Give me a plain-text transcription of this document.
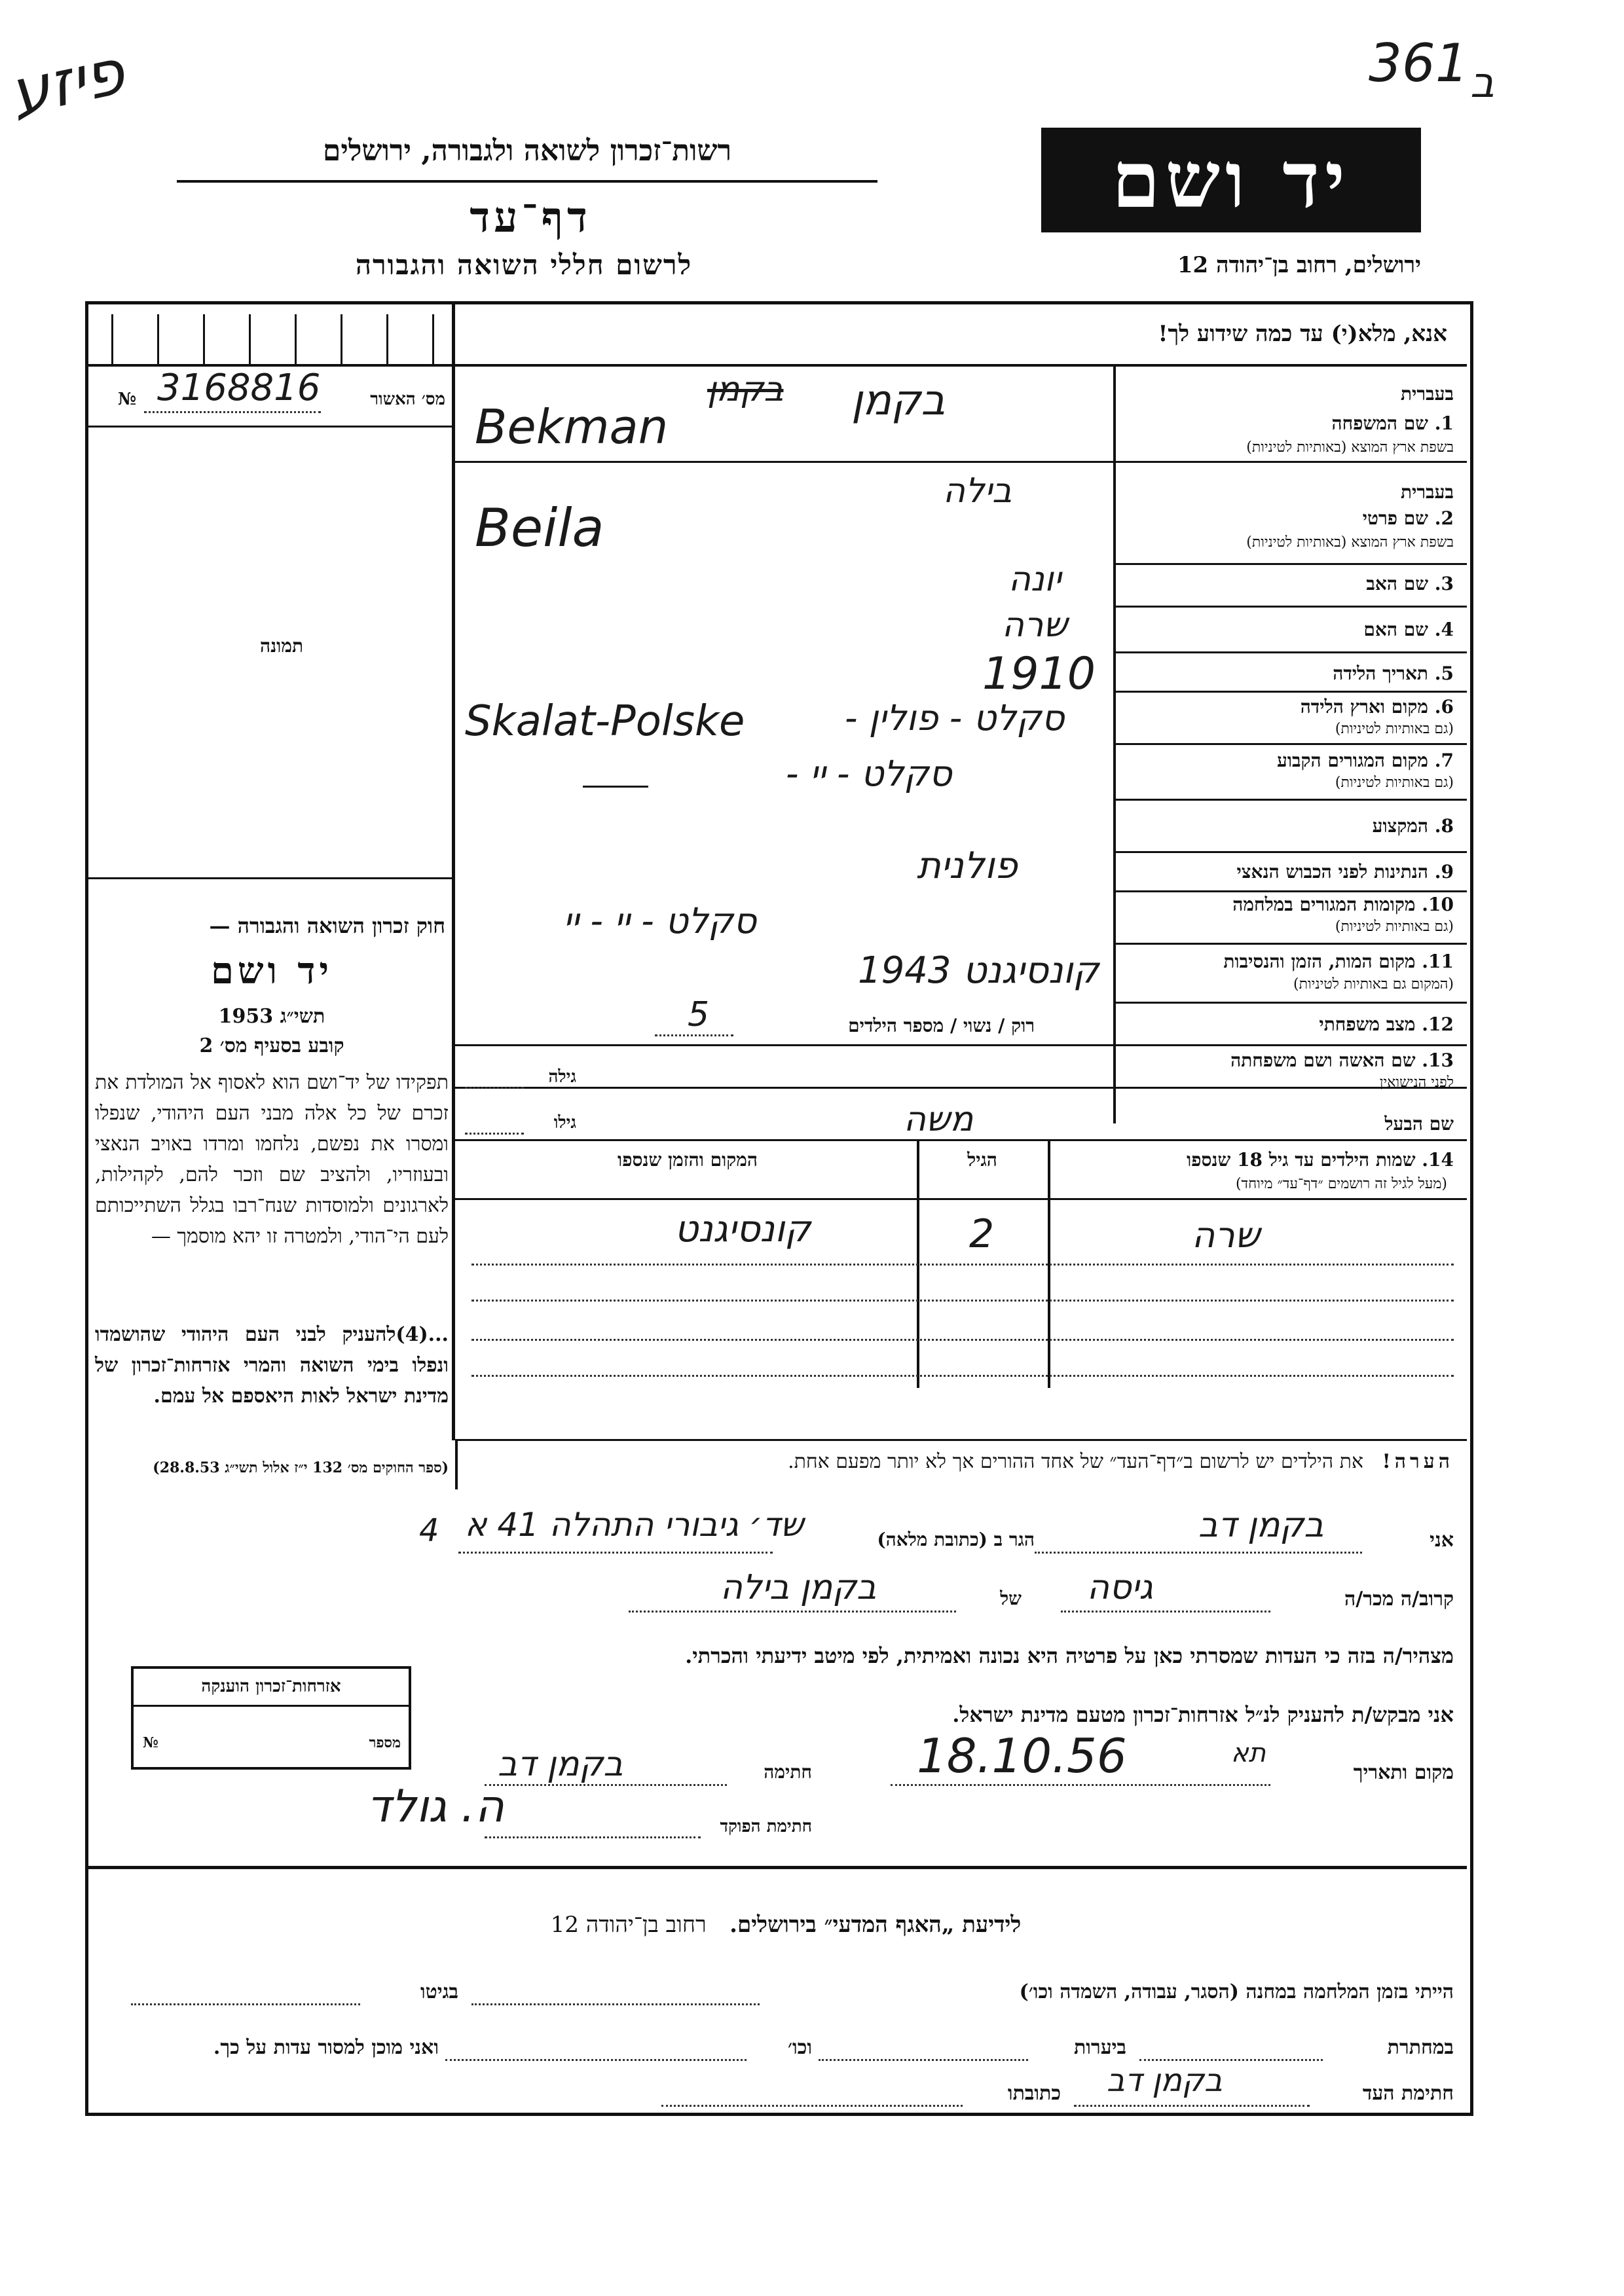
פיזע	361 ב
רשות־זכרון לשואה ולגבורה, ירושלים
דף־עד
לרשום חללי השואה והגבורה
יד ושם
ירושלים, רחוב בן־יהודה 12
אנא, מלא(י) עד כמה שידוע לך!
מס׳ האשור
№ 3168816
תמונה
חוק זכרון השואה והגבורה —
יד ושם
תשי״ג 1953
קובע בסעיף מס׳ 2
תפקידו של יד־ושם הוא לאסוף אל המולדת את זכרם של כל אלה מבני העם היהודי, שנפלו ומסרו את נפשם, נלחמו ומרדו באויב הנאצי ובעוזריו, ולהציב שם וזכר להם, לקהילות, לארגונים ולמוסדות שנח־רבו בגלל השתייכותם לעם הי־הודי, ולמטרה זו יהא מוסמך —
...(4)להעניק לבני העם היהודי שהושמדו ונפלו בימי השואה והמרי אזרחות־זכרון של מדינת ישראל לאות היאספם אל עמם.
(ספר החוקים מס׳ 132 י״ז אלול תשי״ג 28.8.53)
בעברית
1. שם המשפחה
בשפת ארץ המוצא (באותיות לטיניות)
בקמן
בקמן
Bekman
בעברית
2. שם פרטי
בשפת ארץ המוצא (באותיות לטיניות)
בילה
Beila
3. שם האב
יונה
4. שם האם
שרה
5. תאריך הלידה
1910
6. מקום וארץ הלידה
(גם באותיות לטיניות)
סקלט - פולין -
Skalat-Polske
7. מקום המגורים הקבוע
(גם באותיות לטיניות)
סקלט - יי -
8. המקצוע
9. הנתינות לפני הכבוש הנאצי
פולנית
10. מקומות המגורים במלחמה
(גם באותיות לטיניות)
סקלט - יי - יי
11. מקום המות, הזמן והנסיבות
(המקום גם באותיות לטיניות)
קונסיגנט 1943
12. מצב משפחתי
רוק / נשוי / מספר הילדים
5
13. שם האשה ושם משפחתה
לפני הנישואין
גילה
שם הבעל
משה
גילו
14. שמות הילדים עד גיל 18 שנספו
(מעל לגיל זה רושמים ״דף־עד״ מיוחד)
הגיל
המקום והזמן שנספו
שרה
2
קונסיגנט
הערה!   את הילדים יש לרשום ב״דף־העד״ של אחד ההורים אך לא יותר מפעם אחת.
אני
בקמן דב
הגר ב (כתובת מלאה)
שד׳ גיבורי התהלה 41 א
4
קרוב/ה מכר/ה
גיסה
של
בקמן בילה
מצהיר/ה בזה כי העדות שמסרתי כאן על פרטיה היא נכונה ואמיתית, לפי מיטב ידיעתי והכרתי.
אני מבקש/ת להעניק לנ״ל אזרחות־זכרון מטעם מדינת ישראל.
מקום ותאריך
18.10.56	תא
חתימה
בקמן דב
חתימת הפוקד
ה. גולד
אזרחות־זכרון הוענקה
מספר
№
לידיעת „האגף המדעי״ בירושלים.   רחוב בן־יהודה 12
הייתי בזמן המלחמה במחנה (הסגר, עבודה, השמדה וכו׳)
בגיטו
במחתרת
ביערות
וכו׳
ואני מוכן למסור עדות על כך.
חתימת העד
בקמן דב
כתובתו
